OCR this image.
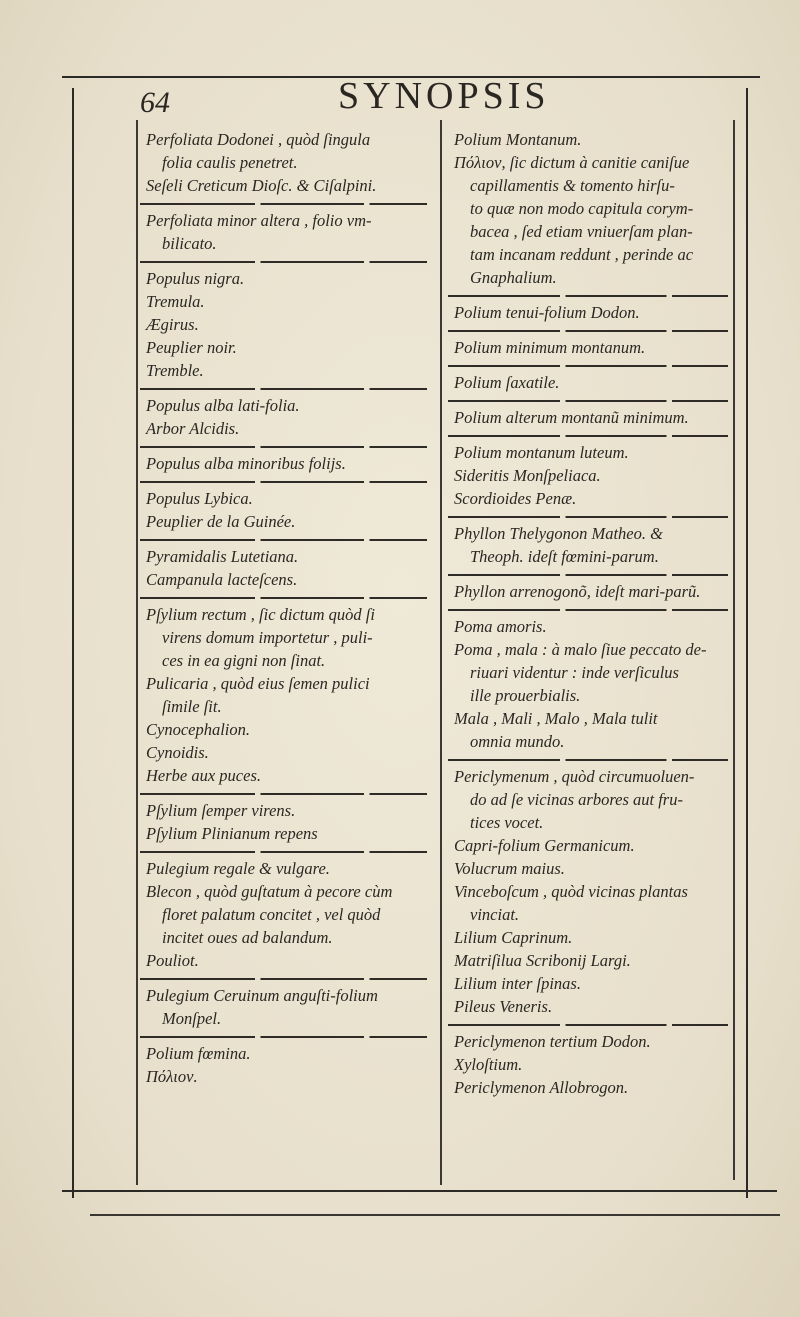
64	SYNOPSIS
Perfoliata Dodonei , quòd ſingula
folia caulis penetret.
Seſeli Creticum Dioſc. & Ciſalpini.
Perfoliata minor altera , folio vm-
bilicato.
Populus nigra.
Tremula.
Ægirus.
Peuplier noir.
Tremble.
Populus alba lati-folia.
Arbor Alcidis.
Populus alba minoribus folijs.
Populus Lybica.
Peuplier de la Guinée.
Pyramidalis Lutetiana.
Campanula lacteſcens.
Pſylium rectum , ſic dictum quòd ſi
virens domum importetur , puli-
ces in ea gigni non ſinat.
Pulicaria , quòd eius ſemen pulici
ſimile ſit.
Cynocephalion.
Cynoidis.
Herbe aux puces.
Pſylium ſemper virens.
Pſylium Plinianum repens
Pulegium regale & vulgare.
Blecon , quòd guſtatum à pecore cùm
floret palatum concitet , vel quòd
incitet oues ad balandum.
Pouliot.
Pulegium Ceruinum anguſti-folium
Monſpel.
Polium fœmina.
Πόλιον.
Polium Montanum.
Πόλιον, ſic dictum à canitie caniſue
capillamentis & tomento hirſu-
to quæ non modo capitula corym-
bacea , ſed etiam vniuerſam plan-
tam incanam reddunt , perinde ac
Gnaphalium.
Polium tenui-folium Dodon.
Polium minimum montanum.
Polium ſaxatile.
Polium alterum montanũ minimum.
Polium montanum luteum.
Sideritis Monſpeliaca.
Scordioides Penæ.
Phyllon Thelygonon Matheo. &
Theoph. ideſt fœmini-parum.
Phyllon arrenogonõ, ideſt mari-parũ.
Poma amoris.
Poma , mala : à malo ſiue peccato de-
riuari videntur : inde verſiculus
ille prouerbialis.
Mala , Mali , Malo , Mala tulit
omnia mundo.
Periclymenum , quòd circumuoluen-
do ad ſe vicinas arbores aut fru-
tices vocet.
Capri-folium Germanicum.
Volucrum maius.
Vinceboſcum , quòd vicinas plantas
vinciat.
Lilium Caprinum.
Matriſilua Scribonij Largi.
Lilium inter ſpinas.
Pileus Veneris.
Periclymenon tertium Dodon.
Xyloſtium.
Periclymenon Allobrogon.
